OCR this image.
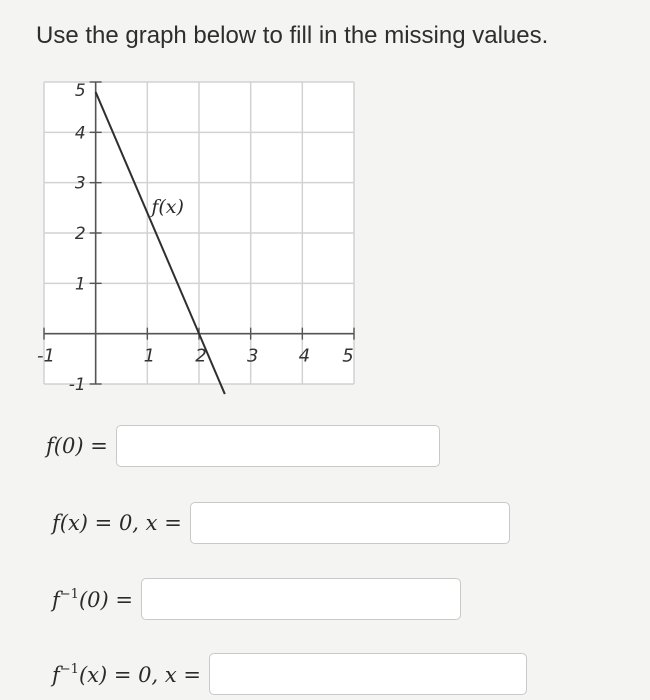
Use the graph below to fill in the missing values.
-1	1 2 3 4 5
-1
1
2
3
4
5
f(x)
f(0) =
f(x) = 0, x =
$f^{-1}(0)$ =
$f^{-1}(x) = 0$, x =
